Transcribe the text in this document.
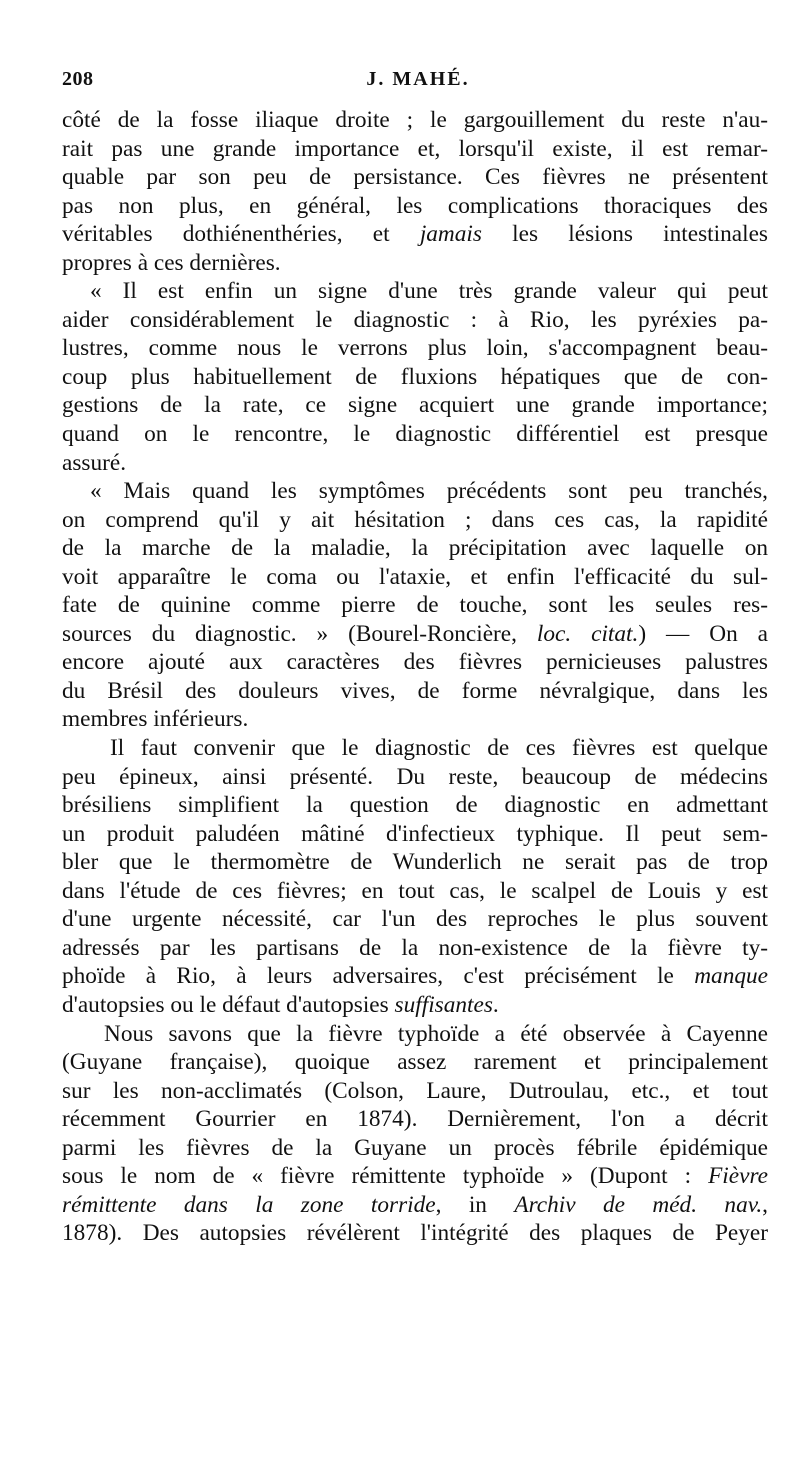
208	J. MAHÉ.
côté de la fosse iliaque droite ; le gargouillement du reste n'au-
rait pas une grande importance et, lorsqu'il existe, il est remar-
quable par son peu de persistance. Ces fièvres ne présentent
pas non plus, en général, les complications thoraciques des
véritables dothiénenthéries, et jamais les lésions intestinales
propres à ces dernières.
« Il est enfin un signe d'une très grande valeur qui peut
aider considérablement le diagnostic : à Rio, les pyréxies pa-
lustres, comme nous le verrons plus loin, s'accompagnent beau-
coup plus habituellement de fluxions hépatiques que de con-
gestions de la rate, ce signe acquiert une grande importance;
quand on le rencontre, le diagnostic différentiel est presque
assuré.
« Mais quand les symptômes précédents sont peu tranchés,
on comprend qu'il y ait hésitation ; dans ces cas, la rapidité
de la marche de la maladie, la précipitation avec laquelle on
voit apparaître le coma ou l'ataxie, et enfin l'efficacité du sul-
fate de quinine comme pierre de touche, sont les seules res-
sources du diagnostic. » (Bourel-Roncière, loc. citat.) — On a
encore ajouté aux caractères des fièvres pernicieuses palustres
du Brésil des douleurs vives, de forme névralgique, dans les
membres inférieurs.
Il faut convenir que le diagnostic de ces fièvres est quelque
peu épineux, ainsi présenté. Du reste, beaucoup de médecins
brésiliens simplifient la question de diagnostic en admettant
un produit paludéen mâtiné d'infectieux typhique. Il peut sem-
bler que le thermomètre de Wunderlich ne serait pas de trop
dans l'étude de ces fièvres; en tout cas, le scalpel de Louis y est
d'une urgente nécessité, car l'un des reproches le plus souvent
adressés par les partisans de la non-existence de la fièvre ty-
phoïde à Rio, à leurs adversaires, c'est précisément le manque
d'autopsies ou le défaut d'autopsies suffisantes.
Nous savons que la fièvre typhoïde a été observée à Cayenne
(Guyane française), quoique assez rarement et principalement
sur les non-acclimatés (Colson, Laure, Dutroulau, etc., et tout
récemment Gourrier en 1874). Dernièrement, l'on a décrit
parmi les fièvres de la Guyane un procès fébrile épidémique
sous le nom de « fièvre rémittente typhoïde » (Dupont : Fièvre
rémittente dans la zone torride, in Archiv de méd. nav.,
1878). Des autopsies révélèrent l'intégrité des plaques de Peyer
